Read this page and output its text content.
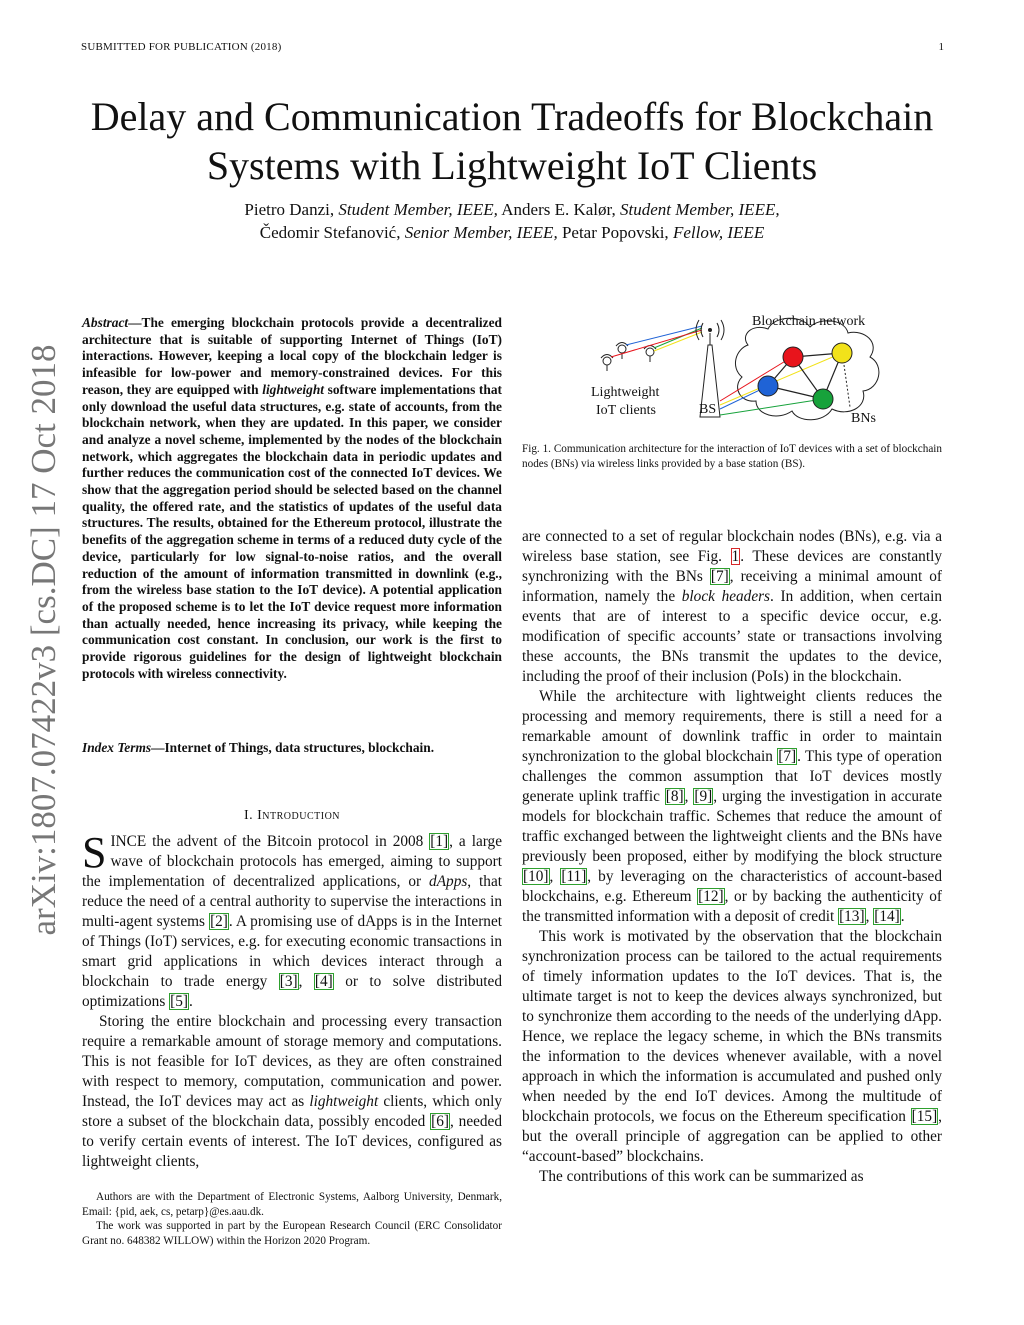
SUBMITTED FOR PUBLICATION (2018)	1
Delay and Communication Tradeoffs for Blockchain
Systems with Lightweight IoT Clients
Pietro Danzi, Student Member, IEEE, Anders E. Kalør, Student Member, IEEE,
Čedomir Stefanović, Senior Member, IEEE, Petar Popovski, Fellow, IEEE
arXiv:1807.07422v3 [cs.DC] 17 Oct 2018
Abstract—The emerging blockchain protocols provide a decentralized architecture that is suitable of supporting Internet of Things (IoT) interactions. However, keeping a local copy of the blockchain ledger is infeasible for low-power and memory-constrained devices. For this reason, they are equipped with lightweight software implementations that only download the useful data structures, e.g. state of accounts, from the blockchain network, when they are updated. In this paper, we consider and analyze a novel scheme, implemented by the nodes of the blockchain network, which aggregates the blockchain data in periodic updates and further reduces the communication cost of the connected IoT devices. We show that the aggregation period should be selected based on the channel quality, the offered rate, and the statistics of updates of the useful data structures. The results, obtained for the Ethereum protocol, illustrate the benefits of the aggregation scheme in terms of a reduced duty cycle of the device, particularly for low signal-to-noise ratios, and the overall reduction of the amount of information transmitted in downlink (e.g., from the wireless base station to the IoT device). A potential application of the proposed scheme is to let the IoT device request more information than actually needed, hence increasing its privacy, while keeping the communication cost constant. In conclusion, our work is the first to provide rigorous guidelines for the design of lightweight blockchain protocols with wireless connectivity.
Index Terms—Internet of Things, data structures, blockchain.
I. Introduction

SINCE the advent of the Bitcoin protocol in 2008 [1], a large wave of blockchain protocols has emerged, aiming to support the implementation of decentralized applications, or dApps, that reduce the need of a central authority to supervise the interactions in multi-agent systems [2]. A promising use of dApps is in the Internet of Things (IoT) services, e.g. for executing economic transactions in smart grid applications in which devices interact through a blockchain to trade energy [3], [4] or to solve distributed optimizations [5].

Storing the entire blockchain and processing every transaction require a remarkable amount of storage memory and computations. This is not feasible for IoT devices, as they are often constrained with respect to memory, computation, communication and power. Instead, the IoT devices may act as lightweight clients, which only store a subset of the blockchain data, possibly encoded [6], needed to verify certain events of interest. The IoT devices, configured as lightweight clients,

Authors are with the Department of Electronic Systems, Aalborg University, Denmark, Email: {pid, aek, cs, petarp}@es.aau.dk.

The work was supported in part by the European Research Council (ERC Consolidator Grant no. 648382 WILLOW) within the Horizon 2020 Program.

Blockchain network
Lightweight
IoT clients	BS
BNs
Fig. 1. Communication architecture for the interaction of IoT devices with a set of blockchain nodes (BNs) via wireless links provided by a base station (BS).

are connected to a set of regular blockchain nodes (BNs), e.g. via a wireless base station, see Fig. 1. These devices are constantly synchronizing with the BNs [7], receiving a minimal amount of information, namely the block headers. In addition, when certain events that are of interest to a specific device occur, e.g. modification of specific accounts’ state or transactions involving these accounts, the BNs transmit the updates to the device, including the proof of their inclusion (PoIs) in the blockchain.

While the architecture with lightweight clients reduces the processing and memory requirements, there is still a need for a remarkable amount of downlink traffic in order to maintain synchronization to the global blockchain [7]. This type of operation challenges the common assumption that IoT devices mostly generate uplink traffic [8], [9], urging the investigation in accurate models for blockchain traffic. Schemes that reduce the amount of traffic exchanged between the lightweight clients and the BNs have previously been proposed, either by modifying the block structure [10], [11], by leveraging on the characteristics of account-based blockchains, e.g. Ethereum [12], or by backing the authenticity of the transmitted information with a deposit of credit [13], [14].

This work is motivated by the observation that the blockchain synchronization process can be tailored to the actual requirements of timely information updates to the IoT devices. That is, the ultimate target is not to keep the devices always synchronized, but to synchronize them according to the needs of the underlying dApp. Hence, we replace the legacy scheme, in which the BNs transmits the information to the devices whenever available, with a novel approach in which the information is accumulated and pushed only when needed by the end IoT devices. Among the multitude of blockchain protocols, we focus on the Ethereum specification [15], but the overall principle of aggregation can be applied to other “account-based” blockchains.

The contributions of this work can be summarized as
